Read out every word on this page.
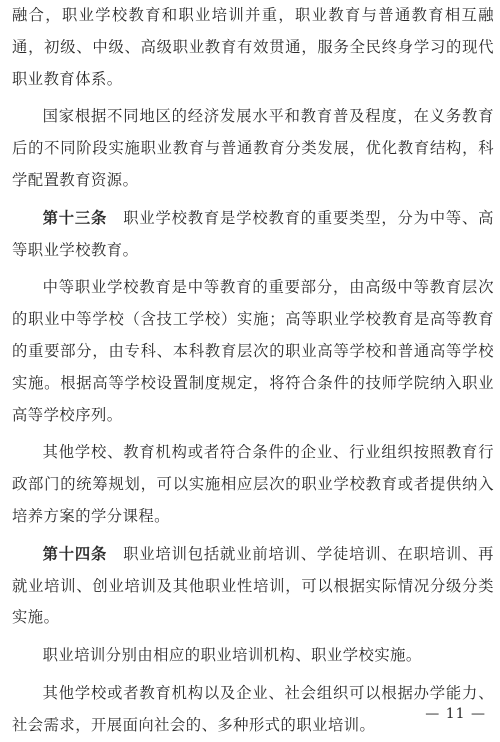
融合，职业学校教育和职业培训并重，职业教育与普通教育相互融通，初级、中级、高级职业教育有效贯通，服务全民终身学习的现代职业教育体系。

国家根据不同地区的经济发展水平和教育普及程度，在义务教育后的不同阶段实施职业教育与普通教育分类发展，优化教育结构，科学配置教育资源。

第十三条　 职业学校教育是学校教育的重要类型，分为中等、高等职业学校教育。

中等职业学校教育是中等教育的重要部分，由高级中等教育层次的职业中等学校（含技工学校）实施；高等职业学校教育是高等教育的重要部分，由专科、本科教育层次的职业高等学校和普通高等学校实施。根据高等学校设置制度规定，将符合条件的技师学院纳入职业高等学校序列。

其他学校、教育机构或者符合条件的企业、行业组织按照教育行政部门的统筹规划，可以实施相应层次的职业学校教育或者提供纳入培养方案的学分课程。

第十四条　 职业培训包括就业前培训、学徒培训、在职培训、再就业培训、创业培训及其他职业性培训，可以根据实际情况分级分类实施。

职业培训分别由相应的职业培训机构、职业学校实施。

其他学校或者教育机构以及企业、社会组织可以根据办学能力、社会需求，开展面向社会的、多种形式的职业培训。

— 11 —
